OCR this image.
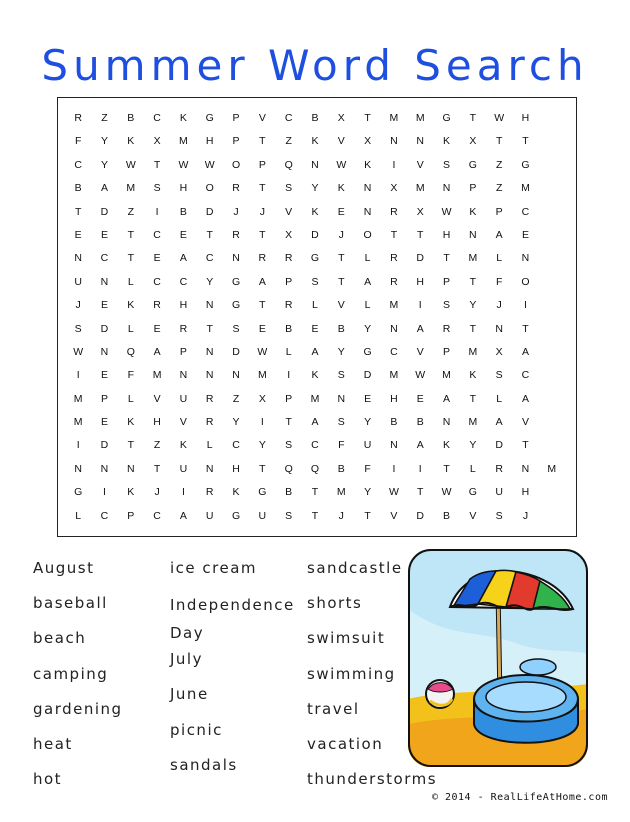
Summer Word Search
R	Z	B	C	K	G	P	V	C	B	X	T	M	M	G	T	W	H
F	Y	K	X	M	H	P	T	Z	K	V	X	N	N	K	X	T	T
C	Y	W	T	W	W	O	P	Q	N	W	K	I	V	S	G	Z	G
B	A	M	S	H	O	R	T	S	Y	K	N	X	M	N	P	Z	M
T	D	Z	I	B	D	J	J	V	K	E	N	R	X	W	K	P	C
E	E	T	C	E	T	R	T	X	D	J	O	T	T	H	N	A	E
N	C	T	E	A	C	N	R	R	G	T	L	R	D	T	M	L	N
U	N	L	C	C	Y	G	A	P	S	T	A	R	H	P	T	F	O
J	E	K	R	H	N	G	T	R	L	V	L	M	I	S	Y	J	I
S	D	L	E	R	T	S	E	B	E	B	Y	N	A	R	T	N	T
W	N	Q	A	P	N	D	W	L	A	Y	G	C	V	P	M	X	A
I	E	F	M	N	N	N	M	I	K	S	D	M	W	M	K	S	C
M	P	L	V	U	R	Z	X	P	M	N	E	H	E	A	T	L	A
M	E	K	H	V	R	Y	I	T	A	S	Y	B	B	N	M	A	V
I	D	T	Z	K	L	C	Y	S	C	F	U	N	A	K	Y	D	T
N	N	N	T	U	N	H	T	Q	Q	B	F	I	I	T	L	R	N	M
G	I	K	J	I	R	K	G	B	T	M	Y	W	T	W	G	U	H
L	C	P	C	A	U	G	U	S	T	J	T	V	D	B	V	S	J
August
baseball
beach
camping
gardening
heat
hot
ice cream
Independence
Day
July
June
picnic
sandals
sandcastle
shorts
swimsuit
swimming
travel
vacation
thunderstorms
© 2014 - RealLifeAtHome.com
